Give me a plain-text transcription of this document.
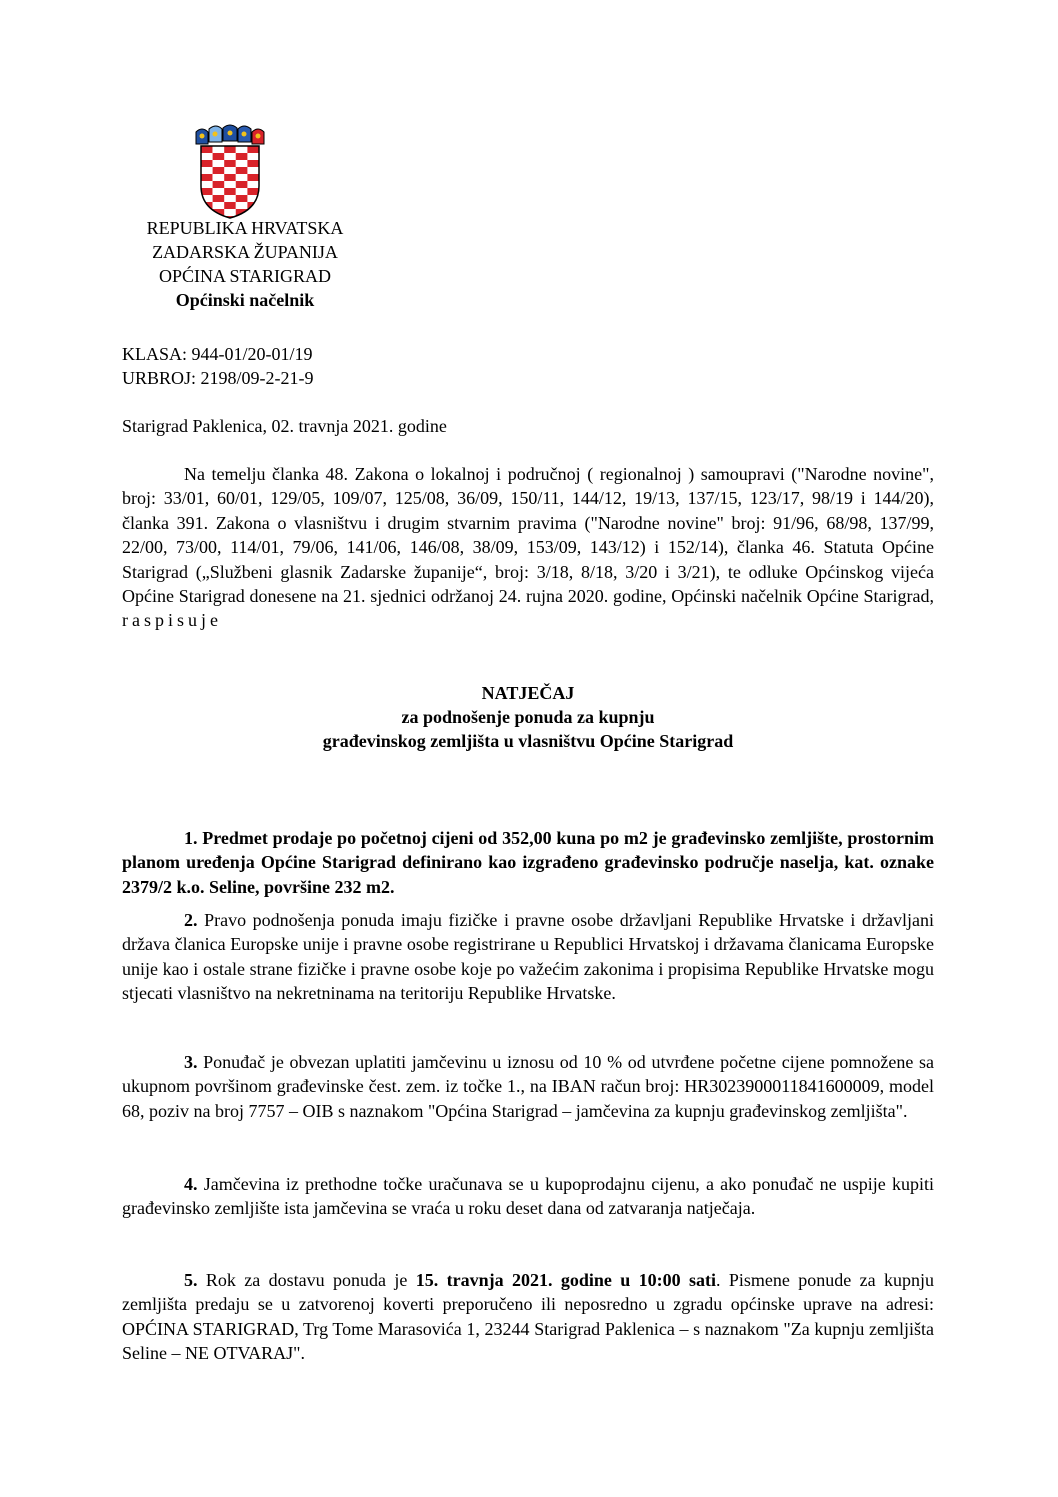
REPUBLIKA HRVATSKA
ZADARSKA ŽUPANIJA
OPĆINA STARIGRAD
Općinski načelnik
KLASA: 944-01/20-01/19
URBROJ: 2198/09-2-21-9
Starigrad Paklenica, 02. travnja 2021. godine
Na temelju članka 48. Zakona o lokalnoj i područnoj ( regionalnoj ) samoupravi ("Narodne novine", broj: 33/01, 60/01, 129/05, 109/07, 125/08, 36/09, 150/11, 144/12, 19/13, 137/15, 123/17, 98/19 i 144/20), članka 391. Zakona o vlasništvu i drugim stvarnim pravima ("Narodne novine" broj: 91/96, 68/98, 137/99, 22/00, 73/00, 114/01, 79/06, 141/06, 146/08, 38/09, 153/09, 143/12) i 152/14), članka 46. Statuta Općine Starigrad („Službeni glasnik Zadarske županije“, broj: 3/18, 8/18, 3/20 i 3/21), te odluke Općinskog vijeća Općine Starigrad donesene na 21. sjednici održanoj 24. rujna 2020. godine, Općinski načelnik Općine Starigrad, raspisuje
NATJEČAJ
za podnošenje ponuda za kupnju
građevinskog zemljišta u vlasništvu Općine Starigrad
1. Predmet prodaje po početnoj cijeni od 352,00 kuna po m2 je građevinsko zemljište, prostornim planom uređenja Općine Starigrad definirano kao izgrađeno građevinsko područje naselja, kat. oznake 2379/2 k.o. Seline, površine 232 m2.
2. Pravo podnošenja ponuda imaju fizičke i pravne osobe državljani Republike Hrvatske i državljani država članica Europske unije i pravne osobe registrirane u Republici Hrvatskoj i državama članicama Europske unije kao i ostale strane fizičke i pravne osobe koje po važećim zakonima i propisima Republike Hrvatske mogu stjecati vlasništvo na nekretninama na teritoriju Republike Hrvatske.
3. Ponuđač je obvezan uplatiti jamčevinu u iznosu od 10 % od utvrđene početne cijene pomnožene sa ukupnom površinom građevinske čest. zem. iz točke 1., na IBAN račun broj: HR3023900011841600009, model 68, poziv na broj 7757 – OIB s naznakom "Općina Starigrad – jamčevina za kupnju građevinskog zemljišta".
4. Jamčevina iz prethodne točke uračunava se u kupoprodajnu cijenu, a ako ponuđač ne uspije kupiti građevinsko zemljište ista jamčevina se vraća u roku deset dana od zatvaranja natječaja.
5. Rok za dostavu ponuda je 15. travnja 2021. godine u 10:00 sati. Pismene ponude za kupnju zemljišta predaju se u zatvorenoj koverti preporučeno ili neposredno u zgradu općinske uprave na adresi: OPĆINA STARIGRAD, Trg Tome Marasovića 1, 23244 Starigrad Paklenica – s naznakom "Za kupnju zemljišta Seline – NE OTVARAJ".
